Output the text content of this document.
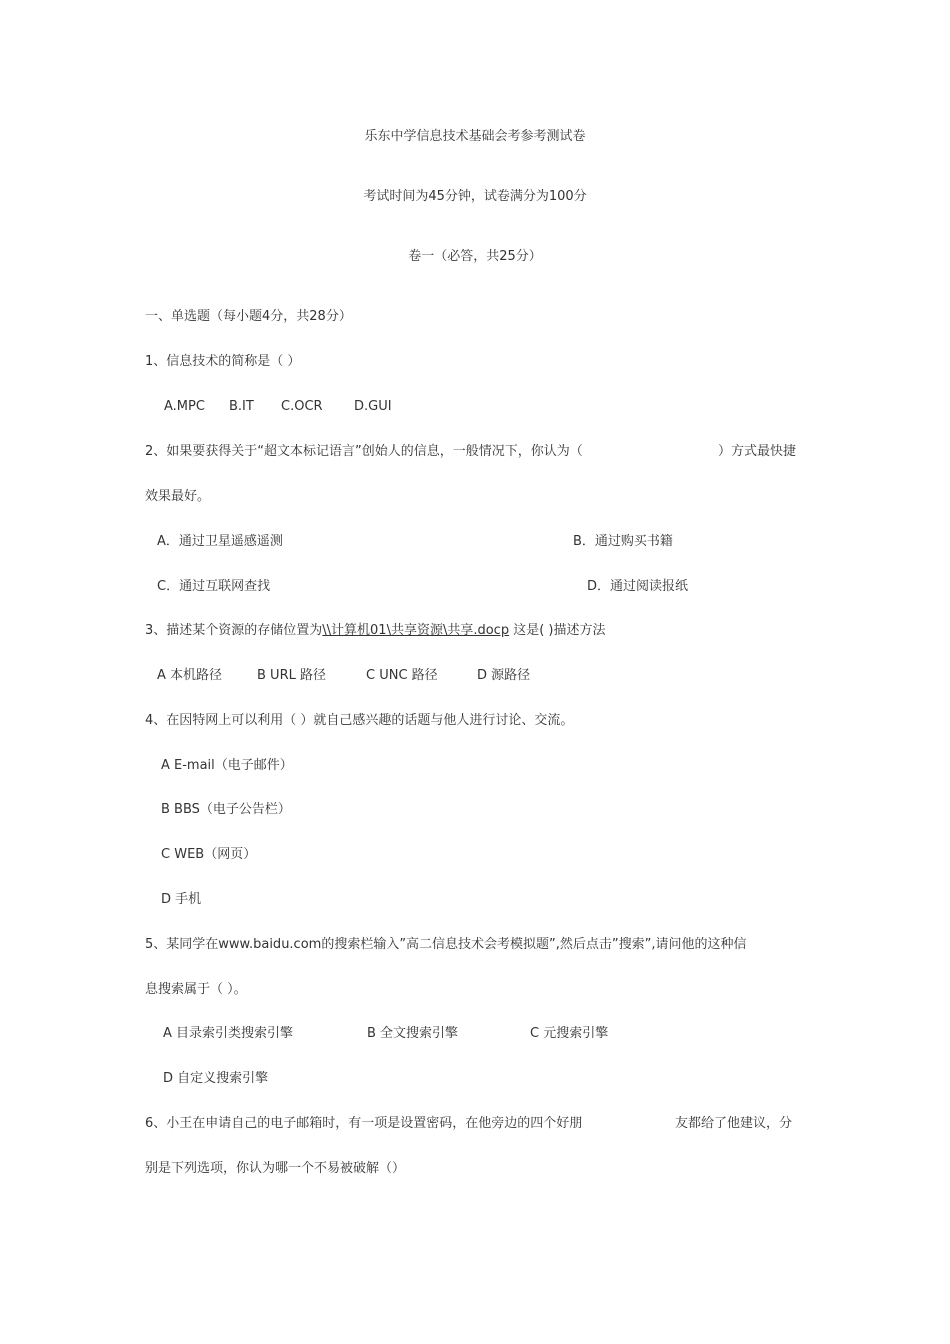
乐东中学信息技术基础会考参考测试卷
考试时间为45分钟，试卷满分为100分
卷一（必答，共25分）
一、单选题（每小题4分，共28分）
1、信息技术的简称是（ ）
A.MPC B.IT C.OCR D.GUI
2、如果要获得关于“超文本标记语言”创始人的信息，一般情况下，你认为（	）方式最快捷
效果最好。
A．通过卫星遥感遥测	B．通过购买书籍
C．通过互联网查找	D．通过阅读报纸
3、描述某个资源的存储位置为\\计算机01\共享资源\共享.docp 这是( )描述方法
A 本机路径	B URL 路径	C UNC 路径	D 源路径
4、在因特网上可以利用（ ）就自己感兴趣的话题与他人进行讨论、交流。
A E-mail（电子邮件）
B BBS（电子公告栏）
C WEB（网页）
D 手机
5、某同学在www.baidu.com的搜索栏输入”高二信息技术会考模拟题”,然后点击”搜索”,请问他的这种信
息搜索属于（ ）。
A 目录索引类搜索引擎	B 全文搜索引擎	C 元搜索引擎
D 自定义搜索引擎
6、小王在申请自己的电子邮箱时，有一项是设置密码，在他旁边的四个好朋	友都给了他建议，分
别是下列选项，你认为哪一个不易被破解（）
